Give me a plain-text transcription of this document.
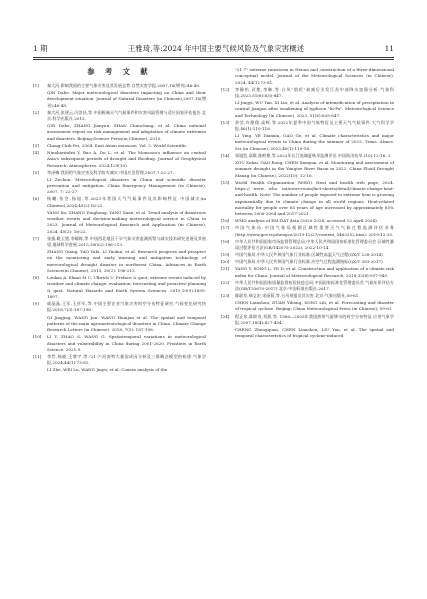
1 期	王雅琦,等:2024 年中国主要气候风险及气象灾害概述	11
参 考 文 献
[1]	秦大河.影响我国的主要气象灾害及其发展态势.自然灾害学报,2007,16(增刊):46-48.
QIN Dahe. Major meteorological disasters impacting on China and their development situation. Journal of Natural Disasters (in Chinese),2007,16(增刊):46-48.
[2]	秦大河,张建云,闪淳昌,等.中国极端天气气候事件和灾害风险管理与适应国家评估报告.北京:科学出版社,2015.
QIN Dahe, ZHANG Jianyun, SHAN Chunchang, et al. China national assessment report on risk management and adaptation of climate extremes and disasters. Beijing:Science Press(in Chinese), 2015.
[3]	Chang Chih-Pei, 2004. East Asian monsoon. Vol. 2. World Scientific.
[4]	Ninaharindra Y, Bao A, Du L, et al. The Monsoon's influence on central Asia's subsequent periods of drought and flooding. Journal of Geophysical Research: Atmospheres. 2024,129(10).
[5]	李泽椿.我国的气象灾害及科学防灾减灾.中国应急管理,2007,7:22-27.
LI Zechun. Meteorological disasters in China and scientific disaster prevention and mitigation. China Emergency Management (in Chinese), 2007, 7: 22-27.
[6]	杨曦,张会,杨旭,等.2023年我国天气气候事件及其影响特征.中国减灾(in Chinese),2024,45(2):16-22.
YANG Xu, ZHANG Yonghong, YANG Xuan, et al. Trend analysis of disastrous weather events and decision-making meteorological service in China in 2023. Journal of Meteorological Research and Application (in Chinese), 2024, 45(2): 16-22.
[7]	张强,姚玉璧,李耀辉,等.中国西北地区干旱气象灾害监测预警与减灾技术研究进展及其展望.地球科学进展,2015,30(02):196-213.
ZHANG Qiang, YAO Yubi, LI Yaohui, et al. Research progress and prospect on the monitoring and early warning and mitigation technology of meteorological drought disaster in northwest China. Advances in Earth Science(in Chinese), 2015, 30(2): 196-213.
[8]	Loukas A, Elmat M C, Ulbrich U. Preface & quot; extreme events induced by weather and climate change: evaluation, forecasting and proactive planning & quot. Natural Hazards and Earth System Sciences. 2010,10(9):1895-1897.
[9]	戚晶晶,王军,王怀军,等.中国主要农业气象灾害时空分布特征研究.气候变化研究快报,2018,7(3):187-198.
QI Jingjing, WANG Jun, WANG Huaijun et al. The spatial and temporal patterns of the main agrometeorological disasters in China. Climate Change Research Letters (in Chinese). 2018, 7(3): 187-198.
[10]	LI Y, ZHAO S, WANG G. Spatiotemporal variations in meteorological disasters and vulnerability in China during 2001-2020. Frontiers in Earth Science. 2021,9.
[11]	李哲,杨晓,王增宇,等."21·7"河南特大暴雨成因分析及三维概念模型的构建.气象学报,2024,44(1):73-81.
LI Zhe, WEI Lu, WANG Jinyu, et al. Causes analysis of the
"21·7" extreme rainstorm in Henan and construction of a three-dimensional conceptual model. Journal of the Meteorological Sciences (in Chinese), 2024, 44(1):73-81.
[12]	李静怡,武艳,李琳,等.台风"烟花"衰减后引发江苏中部降水加强分析.气象科技,2023,51(6):835-847.
LI Jingyi, WU Yan, XI Lin, et al. Analysis of intensification of precipitation in central Jiangsu after weakening of typhoon "In-Fa". Meteorological Science and Technology (in Chinese), 2023, 51(6):835-847.
[13]	余莹,许甜甜,高辉,等.2022年夏季中国气候特征及主要天气气候事件.大气科学学报,46(1):110-118.
LI Ying, YE Dianxiu, GAO Ge, et al. Climate characteristics and major meteorological events in China during the summer of 2022. Trans. Atmos. Sci.(in Chinese), 2023,46(1):110-18.
[14]	邹旭恺,高歌,陈鲜艳,等.2022年长江流域夏秋旱监测评估.中国防汛抗旱,(10):12-16. 2
ZOU Xukai, GAO Rong, CHEN Xianyan, et al. Monitoring and assessment of summer drought in the Yangtze River Basin in 2022. China Flood Drought Manag.(in Chinese), 2022(10): 12-16.
[15]	World Health Organization (WHO). Heat and health web page, 2024. https:// www. who. int/news-room/fact-sheets/detail/climate-change-heat-and-health. Note: The number of people exposed to extreme heat is growing exponentially due to climate change in all world regions. Heat-related mortality for people over 65 years of age increased by approximately 85% between 2000-2004 and 2017-2021.
[16]	WMO analysis of EM-DAT data (2020-2024, accessed 12 April 2024).
[17]	中国气象局.中国气象局观测区域性重要天气气候过程监测评估业务(http://www.gov.cn/zhengce/2019-12/27/content_5463252.htm). 2019-12-25.
[18]	中华人民共和国国家市场监督管理总局,中华人民共和国国家标准化管理委员会.区域性暴雨过程评估方法(GB/T42075-2022). 2022-10-14.
[19]	中国气象局.中华人民共和国气象行业标准:区域性高温天气过程(QX/T 228-2014)
[20]	中国气象局.中华人民共和国气象行业标准:冷空气过程监测指标(QX/T 393-2017)
[21]	YANG Y, SONG L, YE D, et al. Construction and application of a climate risk index for China. Journal of Meteorological Research. 2018;32(6):937-949.
[22]	中华人民共和国国家质量监督检验检疫总局,中国国家标准化管理委员会.气候年景评估方法(GB/T33670-2017).北京:中国标准出版社,2017.
[23]	陈联寿,端义宏,宋丽莉,等.台风预报及其灾害.北京:气象出版社,59-61.
CHEN Lianshou, DUAN Yihong, SONG Lili, et al. Forecasting and disaster of tropical cyclone. Beijing: China Meteorological Press (in Chinese), 59-61.
[24]	程正泉,陈联寿,刘燕,等. 1960—2003年我国热带气旋降水的时空分布特征.应用气象学报,2007,18(4):427-434.
CHENG Zhengquan, CHEN Lianshou, LIU Yan, et al. The spatial and temporal characteristics of tropical cyclone-induced
